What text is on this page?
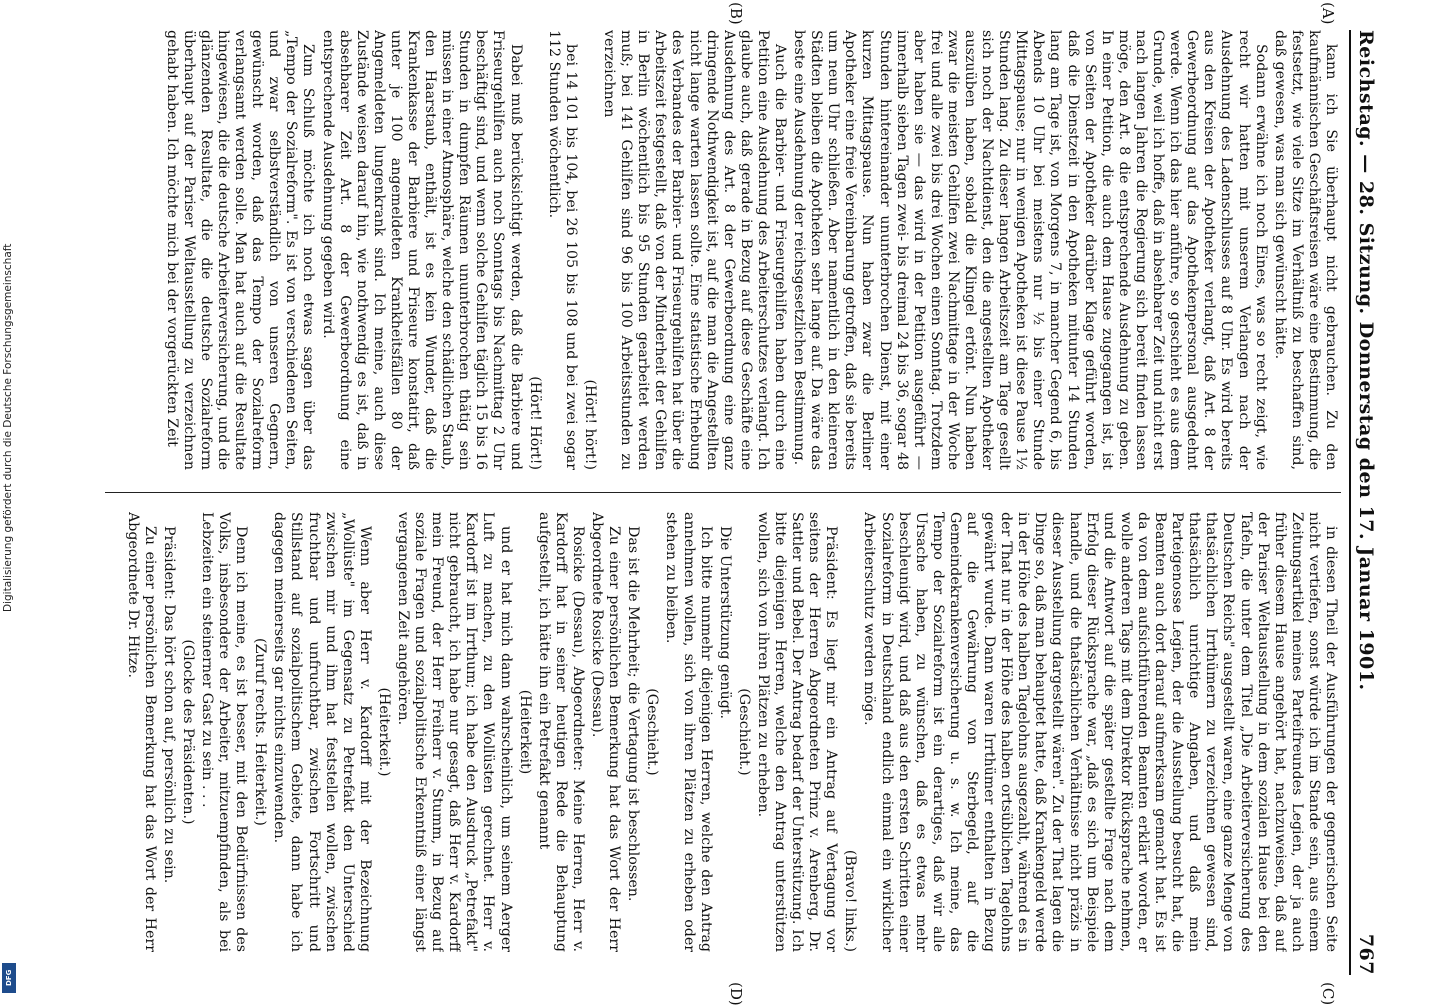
Reichstag. — 28. Sitzung. Donnerstag den 17. Januar 1901.
767
(A)
(B)
(C)
(D)

kann ich Sie überhaupt nicht gebrauchen. Zu den kaufmännischen Geschäftsreisen wäre eine Bestimmung, die festsetzt, wie viele Sitze im Verhältniß zu beschaffen sind, daß gewesen, was man sich gewünscht hätte.

Sodann erwähne ich noch Eines, was so recht zeigt, wie recht wir hatten mit unserem Verlangen nach der Ausdehnung des Ladenschlusses auf 8 Uhr. Es wird bereits aus den Kreisen der Apotheker verlangt, daß Art. 8 der Gewerbeordnung auf das Apothekenpersonal ausgedehnt werde. Wenn ich das hier anführe, so geschieht es aus dem Grunde, weil ich hoffe, daß in absehbarer Zeit und nicht erst nach langen Jahren die Regierung sich bereit finden lassen möge, den Art. 8 die entsprechende Ausdehnung zu geben. In einer Petition, die auch dem Hause zugegangen ist, ist von Seiten der Apotheker darüber Klage geführt worden, daß die Dienstzeit in den Apotheken mitunter 14 Stunden lang am Tage ist, von Morgens 7, in mancher Gegend 6, bis Abends 10 Uhr bei meistens nur ½ bis einer Stunde Mittagspause; nur in wenigen Apotheken ist diese Pause 1½ Stunden lang. Zu dieser langen Arbeitszeit am Tage gesellt sich noch der Nachtdienst, den die angestellten Apotheker auszuüben haben, sobald die Klingel ertönt. Nun haben zwar die meisten Gehilfen zwei Nachmittage in der Woche frei und alle zwei bis drei Wochen einen Sonntag. Trotzdem aber haben sie — das wird in der Petition ausgeführt — innerhalb sieben Tagen zwei- bis dreimal 24 bis 36, sogar 48 Stunden hintereinander ununterbrochen Dienst, mit einer kurzen Mittagspause. Nun haben zwar die Berliner Apotheker eine freie Vereinbarung getroffen, daß sie bereits um neun Uhr schließen. Aber namentlich in den kleineren Städten bleiben die Apotheken sehr lange auf. Da wäre das beste eine Ausdehnung der reichsgesetzlichen Bestimmung.

Auch die Barbier- und Friseurgehilfen haben durch eine Petition eine Ausdehnung des Arbeiterschutzes verlangt. Ich glaube auch, daß gerade in Bezug auf diese Geschäfte eine Ausdehnung des Art. 8 der Gewerbeordnung eine ganz dringende Nothwendigkeit ist, auf die man die Angestellten nicht lange warten lassen sollte. Eine statistische Erhebung des Verbandes der Barbier- und Friseurgehilfen hat über die Arbeitszeit festgestellt, daß von der Minderheit der Gehilfen in Berlin wöchentlich bis 95 Stunden gearbeitet werden muß; bei 141 Gehilfen sind 96 bis 100 Arbeitsstunden zu verzeichnen

(Hört! hört!)

bei 14 101 bis 104, bei 26 105 bis 108 und bei zwei sogar 112 Stunden wöchentlich.

(Hört! Hört!)

Dabei muß berücksichtigt werden, daß die Barbiere und Friseurgehilfen auch noch Sonntags bis Nachmittag 2 Uhr beschäftigt sind, und wenn solche Gehilfen täglich 15 bis 16 Stunden in dumpfen Räumen ununterbrochen thätig sein müssen in einer Atmosphäre, welche den schädlichen Staub, den Haarstaub, enthält, ist es kein Wunder, daß die Krankenkasse der Barbiere und Friseure konstatirt, daß unter je 100 angemeldeten Krankheitsfällen 80 der Angemeldeten lungenkrank sind. Ich meine, auch diese Zustände weisen darauf hin, wie nothwendig es ist, daß in absehbarer Zeit Art. 8 der Gewerbeordnung eine entsprechende Ausdehnung gegeben wird.

Zum Schluß möchte ich noch etwas sagen über das „Tempo der Sozialreform". Es ist von verschiedenen Seiten, und zwar selbstverständlich von unseren Gegnern, gewünscht worden, daß das Tempo der Sozialreform verlangsamt werden solle. Man hat auch auf die Resultate hingewiesen, die die deutsche Arbeiterversicherung, und die glänzenden Resultate, die die deutsche Sozialreform überhaupt auf der Pariser Weltausstellung zu verzeichnen gehabt haben. Ich möchte mich bei der vorgerückten Zeit

in diesen Theil der Ausführungen der gegnerischen Seite nicht vertiefen, sonst würde ich im Stande sein, aus einem Zeitungsartikel meines Parteifreundes Legien, der ja auch früher diesem Hause angehört hat, nachzuweisen, daß auf der Pariser Weltausstellung in dem sozialen Hause bei den Tafeln, die unter dem Titel „Die Arbeiterversicherung des Deutschen Reichs" ausgestellt waren, eine ganze Menge von thatsächlichen Irrthümern zu verzeichnen gewesen sind, thatsächlich unrichtige Angaben, und daß mein Parteigenosse Legien, der die Ausstellung besucht hat, die Beamten auch dort darauf aufmerksam gemacht hat. Es ist da von dem aufsichtführenden Beamten erklärt worden, er wolle anderen Tags mit dem Direktor Rücksprache nehmen, und die Antwort auf die später gestellte Frage nach dem Erfolg dieser Rücksprache war, „daß es sich um Beispiele handle, und die thatsächlichen Verhältnisse nicht präzis in dieser Ausstellung dargestellt wären". Zu der That lagen die Dinge so, daß man behauptet hatte, daß Krankengeld werde in der Höhe des halben Tagelohns ausgezahlt, während es in der That nur in der Höhe des halben ortsüblichen Tagelohns gewährt wurde. Dann waren Irrthümer enthalten in Bezug auf die Gewährung von Sterbegeld, auf die Gemeindekrankenversicherung u. s. w. Ich meine, das Tempo der Sozialreform ist ein derartiges, daß wir alle Ursache haben, zu wünschen, daß es etwas mehr beschleunigt wird, und daß aus den ersten Schritten einer Sozialreform in Deutschland endlich einmal ein wirklicher Arbeiterschutz werden möge.

(Bravo! links.)

Präsident: Es liegt mir ein Antrag auf Vertagung vor seitens der Herren Abgeordneten Prinz v. Arenberg, Dr. Sattler und Bebel. Der Antrag bedarf der Unterstützung. Ich bitte diejenigen Herren, welche den Antrag unterstützen wollen, sich von ihren Plätzen zu erheben.

(Geschieht.)

Die Unterstützung genügt.

Ich bitte nunmehr diejenigen Herren, welche den Antrag annehmen wollen, sich von ihren Plätzen zu erheben oder stehen zu bleiben.

(Geschieht.)

Das ist die Mehrheit; die Vertagung ist beschlossen.

Zu einer persönlichen Bemerkung hat das Wort der Herr Abgeordnete Rosicke (Dessau).

Rosicke (Dessau), Abgeordneter: Meine Herren, Herr v. Kardorff hat in seiner heutigen Rede die Behauptung aufgestellt, ich hätte ihn ein Petrefakt genannt

(Heiterkeit)

und er hat mich dann wahrscheinlich, um seinem Aerger Luft zu machen, zu den Wollüsten gerechnet. Herr v. Kardorff ist im Irrthum; ich habe den Ausdruck „Petrefakt" nicht gebraucht, ich habe nur gesagt, daß Herr v. Kardorff mein Freund, der Herr Freiherr v. Stumm, in Bezug auf soziale Fragen und sozialpolitische Erkenntniß einer längst vergangenen Zeit angehören.

(Heiterkeit.)

Wenn aber Herr v. Kardorff mit der Bezeichnung „Wollüste" im Gegensatz zu Petrefakt den Unterschied zwischen mir und ihm hat feststellen wollen, zwischen fruchtbar und unfruchtbar, zwischen Fortschritt und Stillstand auf sozialpolitischem Gebiete, dann habe ich dagegen meinerseits gar nichts einzuwenden.

(Zuruf rechts. Heiterkeit.)

Denn ich meine, es ist besser, mit den Bedürfnissen des Volks, insbesondere der Arbeiter, mitzuempfinden, als bei Lebzeiten ein steinerner Gast zu sein . . .

(Glocke des Präsidenten.)

Präsident: Das hört schon auf, persönlich zu sein.

Zu einer persönlichen Bemerkung hat das Wort der Herr Abgeordnete Dr. Hitze.

Digitalisierung gefördert durch die Deutsche Forschungsgemeinschaft
DFG
